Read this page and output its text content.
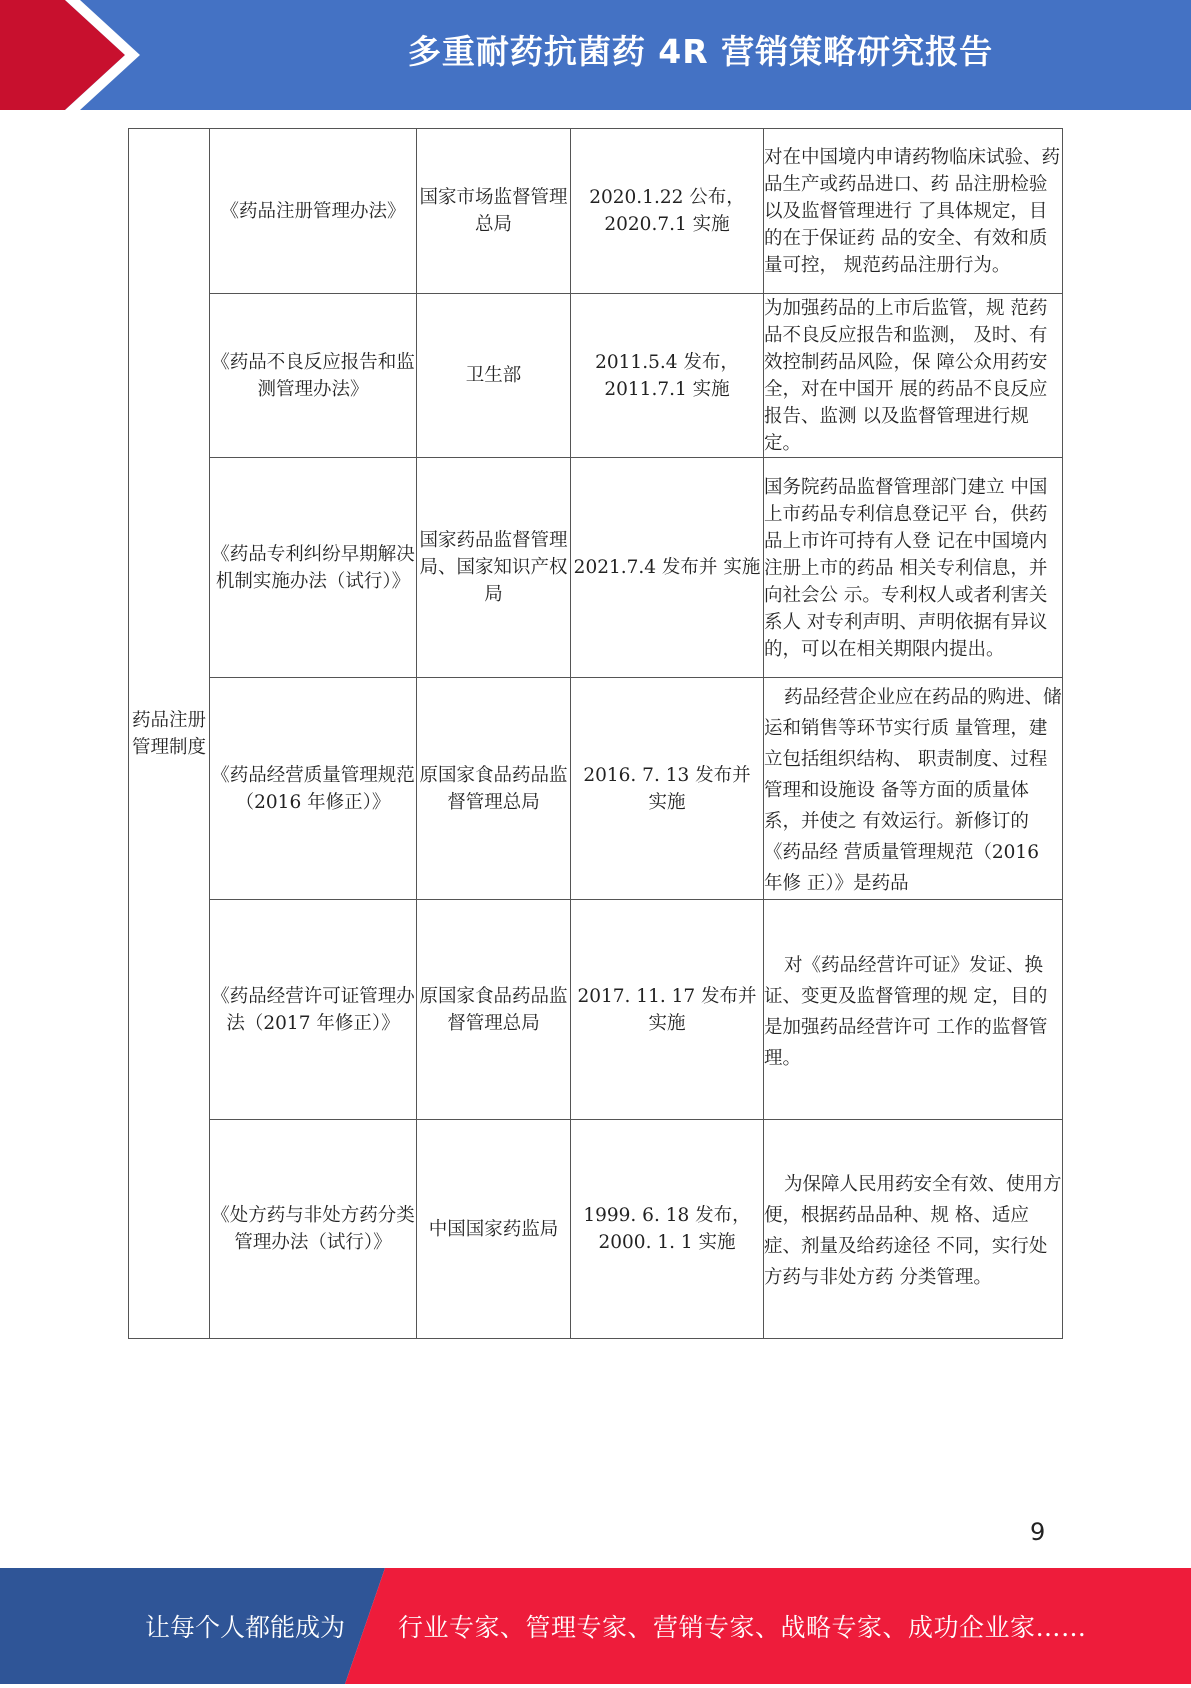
多重耐药抗菌药 4R 营销策略研究报告
药品注册管理制度	《药品注册管理办法》	国家市场监督管理总局	2020.1.22 公布，
2020.7.1 实施	对在中国境内申请药物临床试验、药品生产或药品进口、药 品注册检验以及监督管理进行 了具体规定，目的在于保证药 品的安全、有效和质量可控， 规范药品注册行为。

	《药品不良反应报告和监测管理办法》	卫生部	2011.5.4 发布，
2011.7.1 实施	为加强药品的上市后监管，规 范药品不良反应报告和监测， 及时、有效控制药品风险，保 障公众用药安全，对在中国开 展的药品不良反应报告、监测 以及监督管理进行规定。

	《药品专利纠纷早期解决机制实施办法（试行）》	国家药品监督管理局、国家知识产权局	2021.7.4 发布并 实施	国务院药品监督管理部门建立 中国上市药品专利信息登记平 台，供药品上市许可持有人登 记在中国境内注册上市的药品 相关专利信息，并向社会公 示。专利权人或者利害关系人 对专利声明、声明依据有异议 的，可以在相关期限内提出。

	《药品经营质量管理规范（2016 年修正）》	原国家食品药品监督管理总局	2016. 7. 13 发布并
实施	药品经营企业应在药品的购进、储运和销售等环节实行质 量管理，建立包括组织结构、 职责制度、过程管理和设施设 备等方面的质量体系，并使之 有效运行。新修订的《药品经 营质量管理规范（2016 年修 正）》是药品

	《药品经营许可证管理办法（2017 年修正）》	原国家食品药品监督管理总局	2017. 11. 17 发布并
实施	对《药品经营许可证》发证、换证、变更及监督管理的规 定，目的是加强药品经营许可 工作的监督管理。

	《处方药与非处方药分类管理办法（试行）》	中国国家药监局	1999. 6. 18 发布，
2000. 1. 1 实施	为保障人民用药安全有效、使用方便，根据药品品种、规 格、适应症、剂量及给药途径 不同，实行处方药与非处方药 分类管理。
9
让每个人都能成为 行业专家、管理专家、营销专家、战略专家、成功企业家……
